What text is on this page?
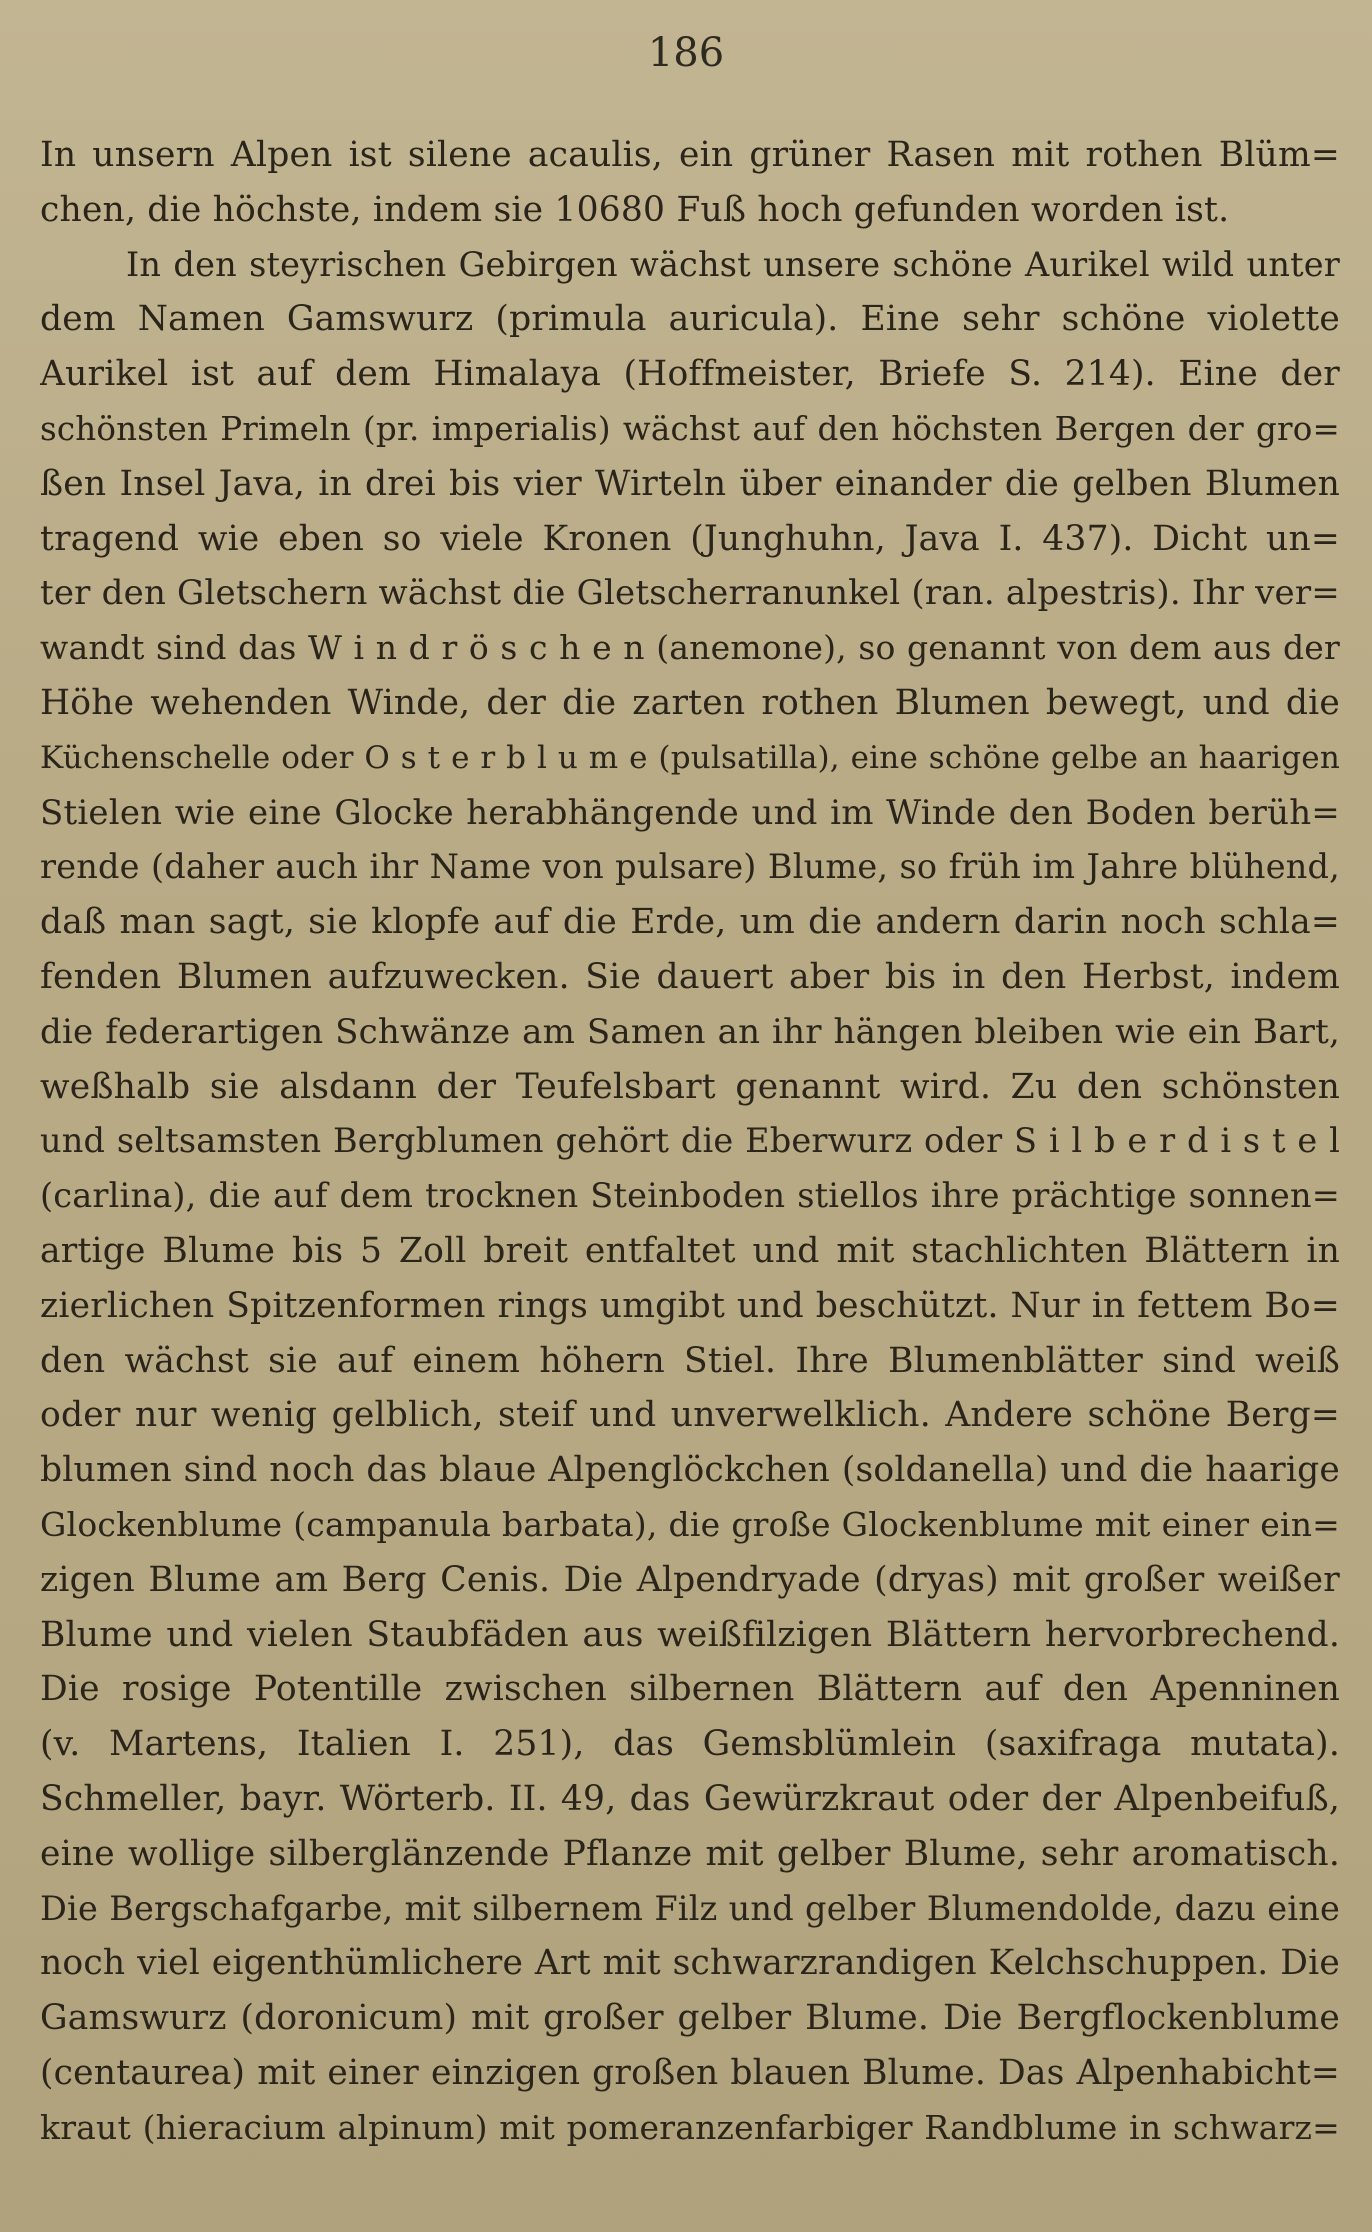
186
In unsern Alpen ist silene acaulis, ein grüner Rasen mit rothen Blüm=
chen, die höchste, indem sie 10680 Fuß hoch gefunden worden ist.
In den steyrischen Gebirgen wächst unsere schöne Aurikel wild unter
dem Namen Gamswurz (primula auricula). Eine sehr schöne violette
Aurikel ist auf dem Himalaya (Hoffmeister, Briefe S. 214). Eine der
schönsten Primeln (pr. imperialis) wächst auf den höchsten Bergen der gro=
ßen Insel Java, in drei bis vier Wirteln über einander die gelben Blumen
tragend wie eben so viele Kronen (Junghuhn, Java I. 437). Dicht un=
ter den Gletschern wächst die Gletscherranunkel (ran. alpestris). Ihr ver=
wandt sind das W i n d r ö s c h e n (anemone), so genannt von dem aus der
Höhe wehenden Winde, der die zarten rothen Blumen bewegt, und die
Küchenschelle oder O s t e r b l u m e (pulsatilla), eine schöne gelbe an haarigen
Stielen wie eine Glocke herabhängende und im Winde den Boden berüh=
rende (daher auch ihr Name von pulsare) Blume, so früh im Jahre blühend,
daß man sagt, sie klopfe auf die Erde, um die andern darin noch schla=
fenden Blumen aufzuwecken. Sie dauert aber bis in den Herbst, indem
die federartigen Schwänze am Samen an ihr hängen bleiben wie ein Bart,
weßhalb sie alsdann der Teufelsbart genannt wird. Zu den schönsten
und seltsamsten Bergblumen gehört die Eberwurz oder S i l b e r d i s t e l
(carlina), die auf dem trocknen Steinboden stiellos ihre prächtige sonnen=
artige Blume bis 5 Zoll breit entfaltet und mit stachlichten Blättern in
zierlichen Spitzenformen rings umgibt und beschützt. Nur in fettem Bo=
den wächst sie auf einem höhern Stiel. Ihre Blumenblätter sind weiß
oder nur wenig gelblich, steif und unverwelklich. Andere schöne Berg=
blumen sind noch das blaue Alpenglöckchen (soldanella) und die haarige
Glockenblume (campanula barbata), die große Glockenblume mit einer ein=
zigen Blume am Berg Cenis. Die Alpendryade (dryas) mit großer weißer
Blume und vielen Staubfäden aus weißfilzigen Blättern hervorbrechend.
Die rosige Potentille zwischen silbernen Blättern auf den Apenninen
(v. Martens, Italien I. 251), das Gemsblümlein (saxifraga mutata).
Schmeller, bayr. Wörterb. II. 49, das Gewürzkraut oder der Alpenbeifuß,
eine wollige silberglänzende Pflanze mit gelber Blume, sehr aromatisch.
Die Bergschafgarbe, mit silbernem Filz und gelber Blumendolde, dazu eine
noch viel eigenthümlichere Art mit schwarzrandigen Kelchschuppen. Die
Gamswurz (doronicum) mit großer gelber Blume. Die Bergflockenblume
(centaurea) mit einer einzigen großen blauen Blume. Das Alpenhabicht=
kraut (hieracium alpinum) mit pomeranzenfarbiger Randblume in schwarz=
